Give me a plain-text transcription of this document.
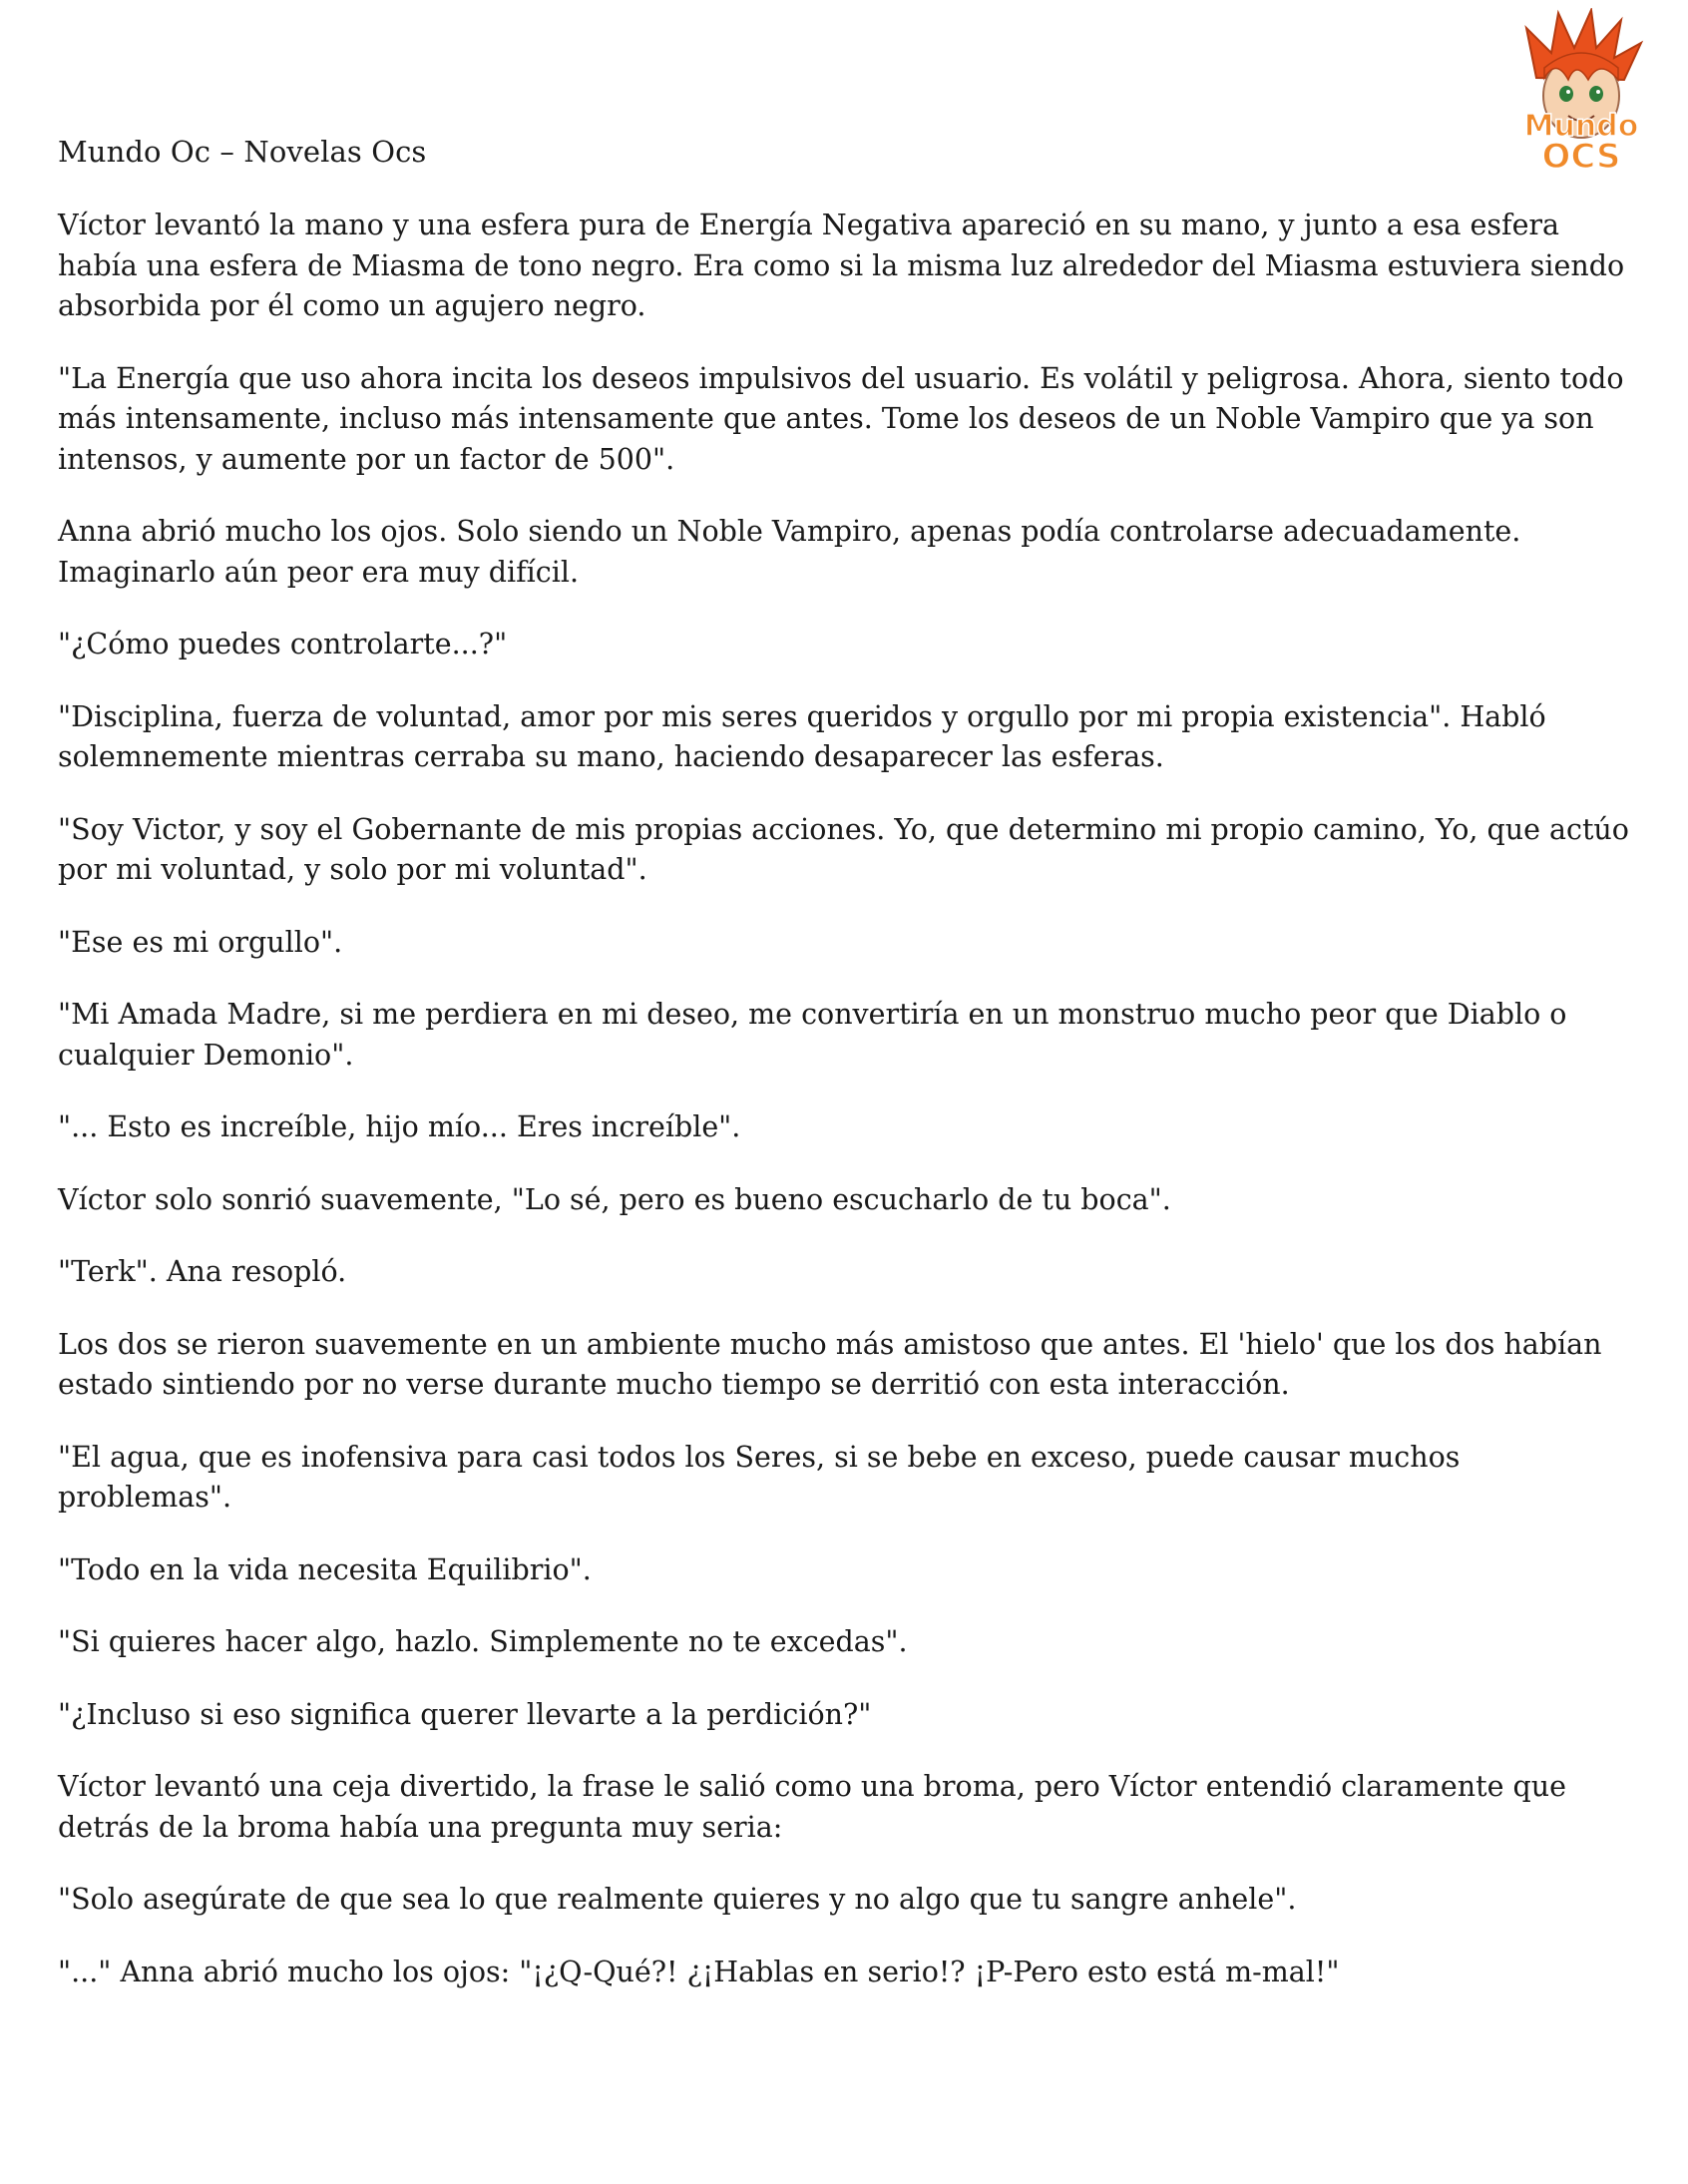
Mundo Oc – Novelas Ocs
Mundo
OCS

Víctor levantó la mano y una esfera pura de Energía Negativa apareció en su mano, y junto a esa esfera había una esfera de Miasma de tono negro. Era como si la misma luz alrededor del Miasma estuviera siendo absorbida por él como un agujero negro.

"La Energía que uso ahora incita los deseos impulsivos del usuario. Es volátil y peligrosa. Ahora, siento todo más intensamente, incluso más intensamente que antes. Tome los deseos de un Noble Vampiro que ya son intensos, y aumente por un factor de 500".

Anna abrió mucho los ojos. Solo siendo un Noble Vampiro, apenas podía controlarse adecuadamente. Imaginarlo aún peor era muy difícil.

"¿Cómo puedes controlarte...?"

"Disciplina, fuerza de voluntad, amor por mis seres queridos y orgullo por mi propia existencia". Habló solemnemente mientras cerraba su mano, haciendo desaparecer las esferas.

"Soy Victor, y soy el Gobernante de mis propias acciones. Yo, que determino mi propio camino, Yo, que actúo por mi voluntad, y solo por mi voluntad".

"Ese es mi orgullo".

"Mi Amada Madre, si me perdiera en mi deseo, me convertiría en un monstruo mucho peor que Diablo o cualquier Demonio".

"... Esto es increíble, hijo mío... Eres increíble".

Víctor solo sonrió suavemente, "Lo sé, pero es bueno escucharlo de tu boca".

"Terk". Ana resopló.

Los dos se rieron suavemente en un ambiente mucho más amistoso que antes. El 'hielo' que los dos habían estado sintiendo por no verse durante mucho tiempo se derritió con esta interacción.

"El agua, que es inofensiva para casi todos los Seres, si se bebe en exceso, puede causar muchos problemas".

"Todo en la vida necesita Equilibrio".

"Si quieres hacer algo, hazlo. Simplemente no te excedas".

"¿Incluso si eso significa querer llevarte a la perdición?"

Víctor levantó una ceja divertido, la frase le salió como una broma, pero Víctor entendió claramente que detrás de la broma había una pregunta muy seria:

"Solo asegúrate de que sea lo que realmente quieres y no algo que tu sangre anhele".

"..." Anna abrió mucho los ojos: "¡¿Q-Qué?! ¿¡Hablas en serio!? ¡P-Pero esto está m-mal!"
